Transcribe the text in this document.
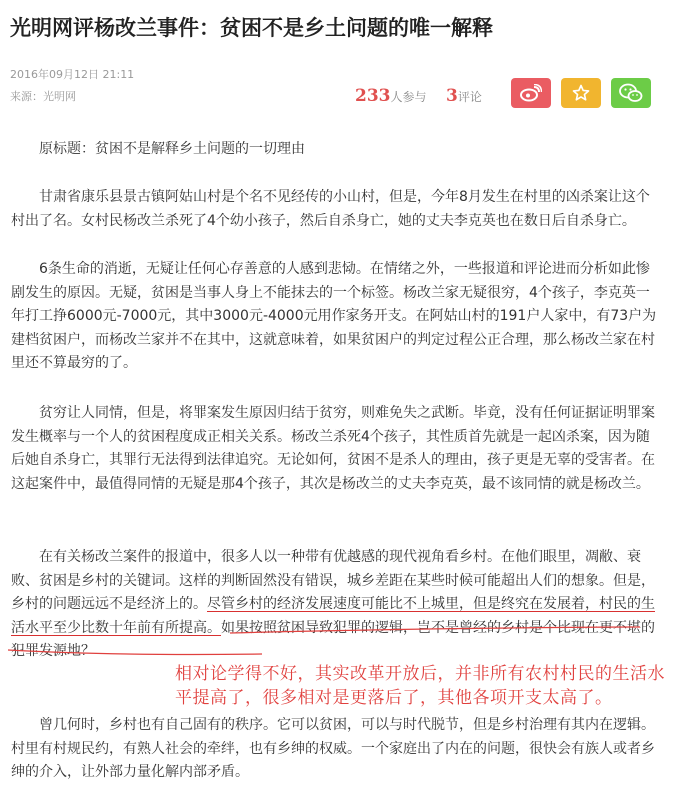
光明网评杨改兰事件：贫困不是乡土问题的唯一解释
2016年09月12日 21:11
来源：光明网	233人参与 3评论

原标题：贫困不是解释乡土问题的一切理由

甘肃省康乐县景古镇阿姑山村是个名不见经传的小山村，但是，今年8月发生在村里的凶杀案让这个村出了名。女村民杨改兰杀死了4个幼小孩子，然后自杀身亡，她的丈夫李克英也在数日后自杀身亡。

6条生命的消逝，无疑让任何心存善意的人感到悲恸。在情绪之外，一些报道和评论进而分析如此惨剧发生的原因。无疑，贫困是当事人身上不能抹去的一个标签。杨改兰家无疑很穷，4个孩子，李克英一年打工挣6000元-7000元，其中3000元-4000元用作家务开支。在阿姑山村的191户人家中，有73户为建档贫困户，而杨改兰家并不在其中，这就意味着，如果贫困户的判定过程公正合理，那么杨改兰家在村里还不算最穷的了。

贫穷让人同情，但是，将罪案发生原因归结于贫穷，则难免失之武断。毕竟，没有任何证据证明罪案发生概率与一个人的贫困程度成正相关关系。杨改兰杀死4个孩子，其性质首先就是一起凶杀案，因为随后她自杀身亡，其罪行无法得到法律追究。无论如何，贫困不是杀人的理由，孩子更是无辜的受害者。在这起案件中，最值得同情的无疑是那4个孩子，其次是杨改兰的丈夫李克英，最不该同情的就是杨改兰。

在有关杨改兰案件的报道中，很多人以一种带有优越感的现代视角看乡村。在他们眼里，凋敝、衰败、贫困是乡村的关键词。这样的判断固然没有错误，城乡差距在某些时候可能超出人们的想象。但是，乡村的问题远远不是经济上的。尽管乡村的经济发展速度可能比不上城里，但是终究在发展着，村民的生活水平至少比数十年前有所提高。如果按照贫困导致犯罪的逻辑，岂不是曾经的乡村是个比现在更不堪的犯罪发源地？

曾几何时，乡村也有自己固有的秩序。它可以贫困，可以与时代脱节，但是乡村治理有其内在逻辑。村里有村规民约，有熟人社会的牵绊，也有乡绅的权威。一个家庭出了内在的问题，很快会有族人或者乡绅的介入，让外部力量化解内部矛盾。

相对论学得不好，其实改革开放后，并非所有农村村民的生活水平提高了，很多相对是更落后了，其他各项开支太高了。
